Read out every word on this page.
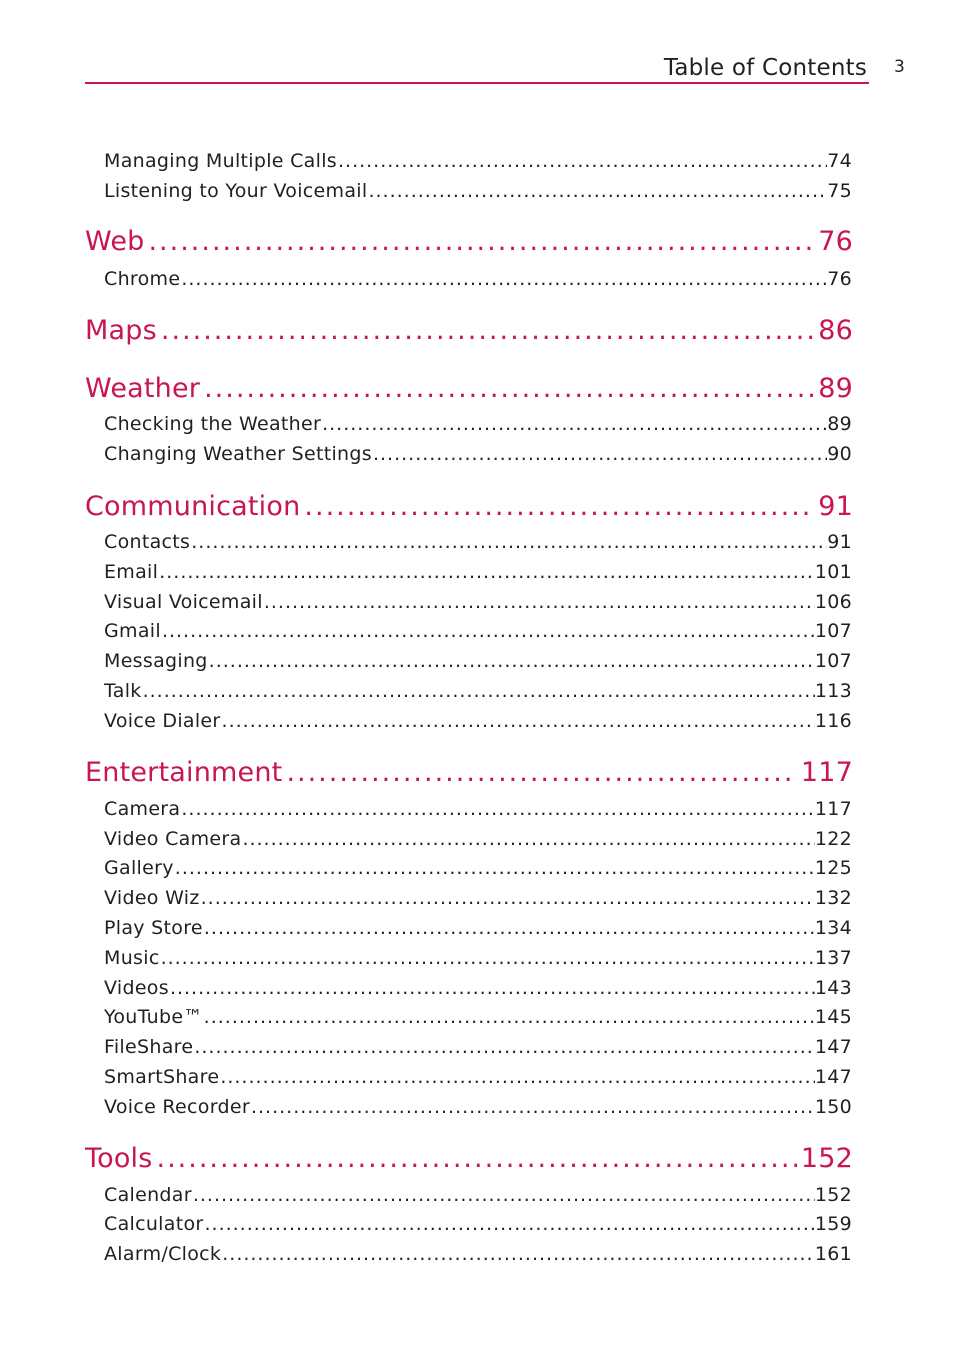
Table of Contents 3
Managing Multiple Calls .....	74
Listening to Your Voicemail .....	75
Web .....	76
Chrome .....	76
Maps .....	86
Weather .....	89
Checking the Weather .....	89
Changing Weather Settings .....	90
Communication .....	91
Contacts .....	91
Email .....	101
Visual Voicemail .....	106
Gmail .....	107
Messaging .....	107
Talk .....	113
Voice Dialer .....	116
Entertainment .....	117
Camera .....	117
Video Camera .....	122
Gallery .....	125
Video Wiz .....	132
Play Store .....	134
Music .....	137
Videos .....	143
YouTube™ .....	145
FileShare .....	147
SmartShare .....	147
Voice Recorder .....	150
Tools .....	152
Calendar .....	152
Calculator .....	159
Alarm/Clock .....	161
